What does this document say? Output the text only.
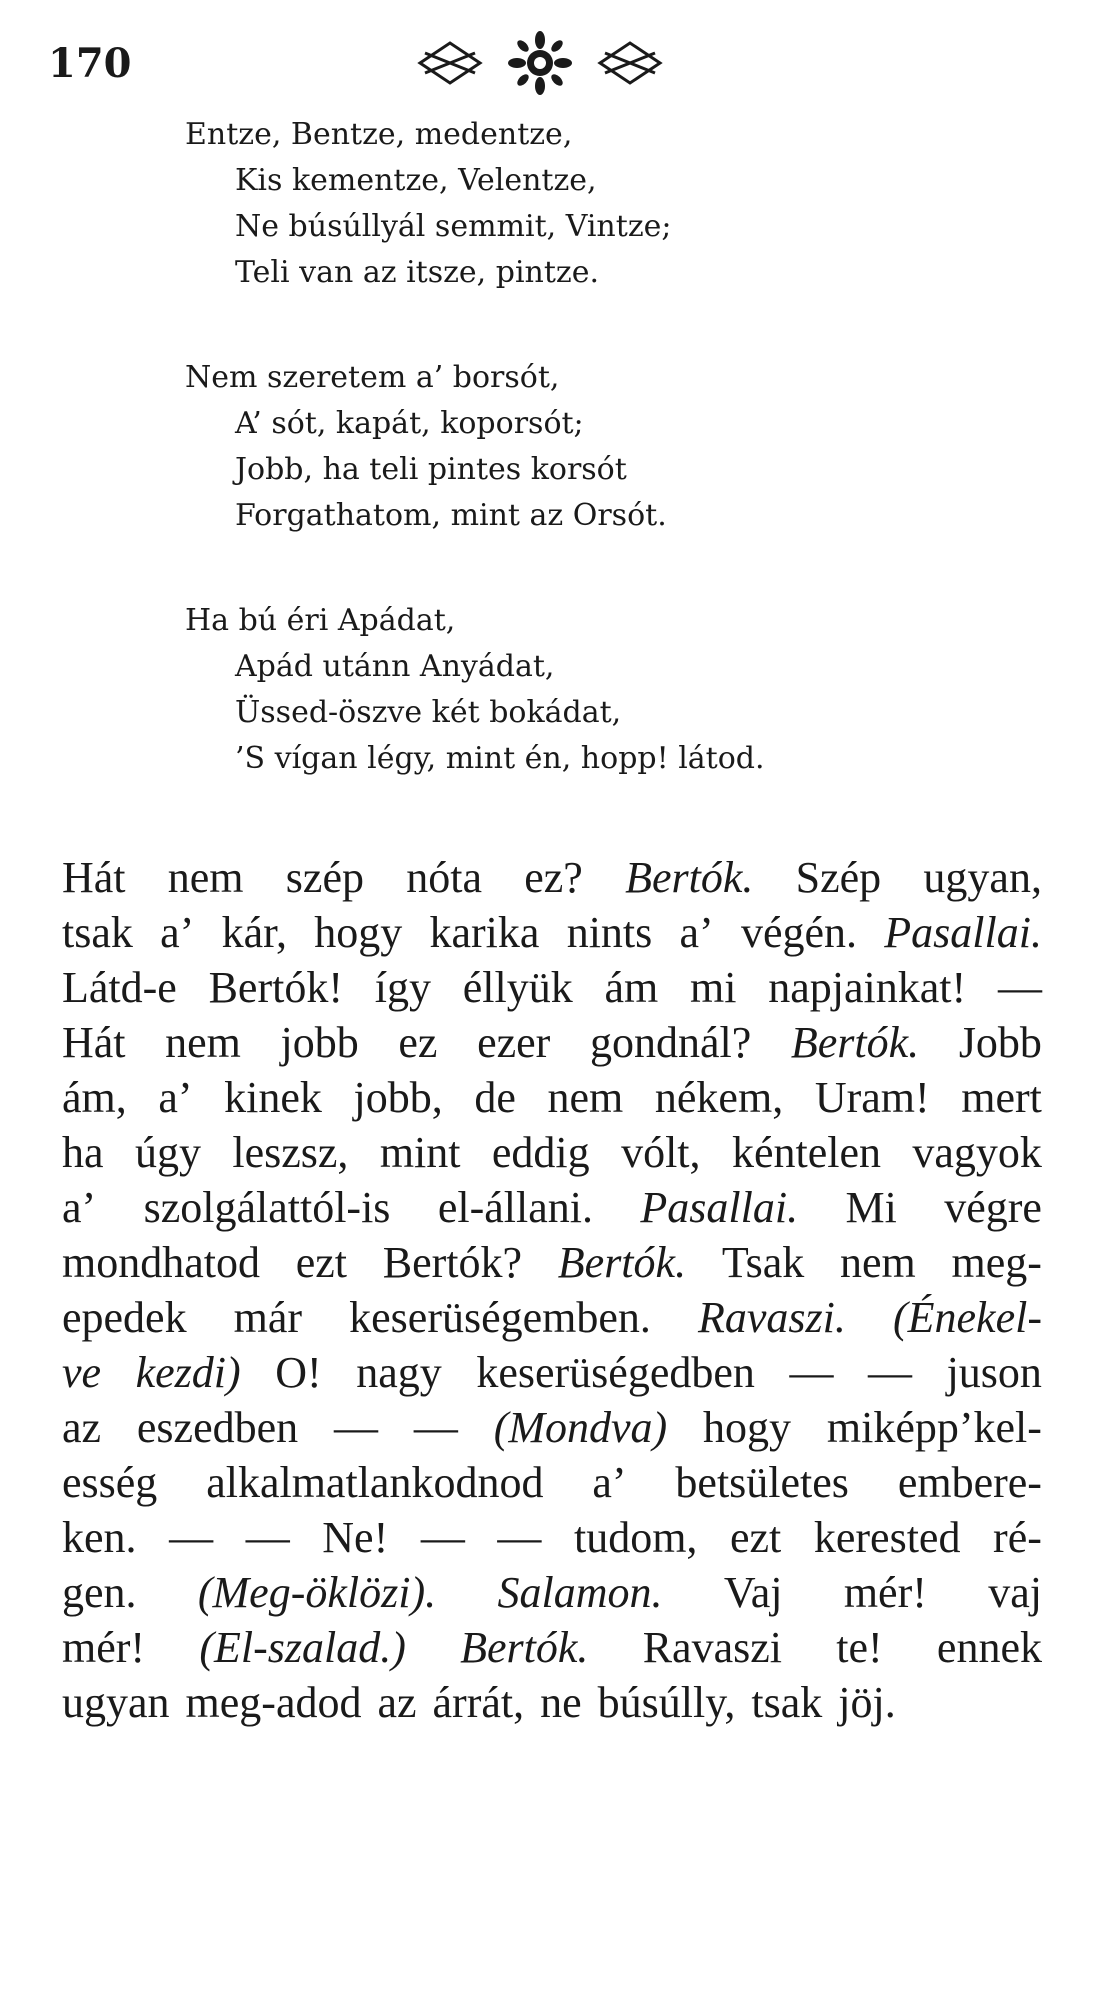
170
Entze, Bentze, medentze,
Kis kementze, Velentze,
Ne búsúllyál semmit, Vintze;
Teli van az itsze, pintze.
Nem szeretem a’ borsót,
A’ sót, kapát, koporsót;
Jobb, ha teli pintes korsót
Forgathatom, mint az Orsót.
Ha bú éri Apádat,
Apád utánn Anyádat,
Üssed-öszve két bokádat,
’S vígan légy, mint én, hopp! látod.
Hát nem szép nóta ez? Bertók. Szép ugyan,
tsak a’ kár, hogy karika nints a’ végén. Pasallai.
Látd-e Bertók! így éllyük ám mi napjainkat! —
Hát nem jobb ez ezer gondnál? Bertók. Jobb
ám, a’ kinek jobb, de nem nékem, Uram! mert
ha úgy leszsz, mint eddig vólt, kéntelen vagyok
a’ szolgálattól-is el-állani. Pasallai. Mi végre
mondhatod ezt Bertók? Bertók. Tsak nem meg-
epedek már keserüségemben. Ravaszi. (Énekel-
ve kezdi) O! nagy keserüségedben — — juson
az eszedben — — (Mondva) hogy miképp’kel-
esség alkalmatlankodnod a’ betsületes embere-
ken. — — Ne! — — tudom, ezt kerested ré-
gen. (Meg-öklözi). Salamon. Vaj mér! vaj
mér! (El-szalad.) Bertók. Ravaszi te! ennek
ugyan meg-adod az árrát, ne búsúlly, tsak jöj.
